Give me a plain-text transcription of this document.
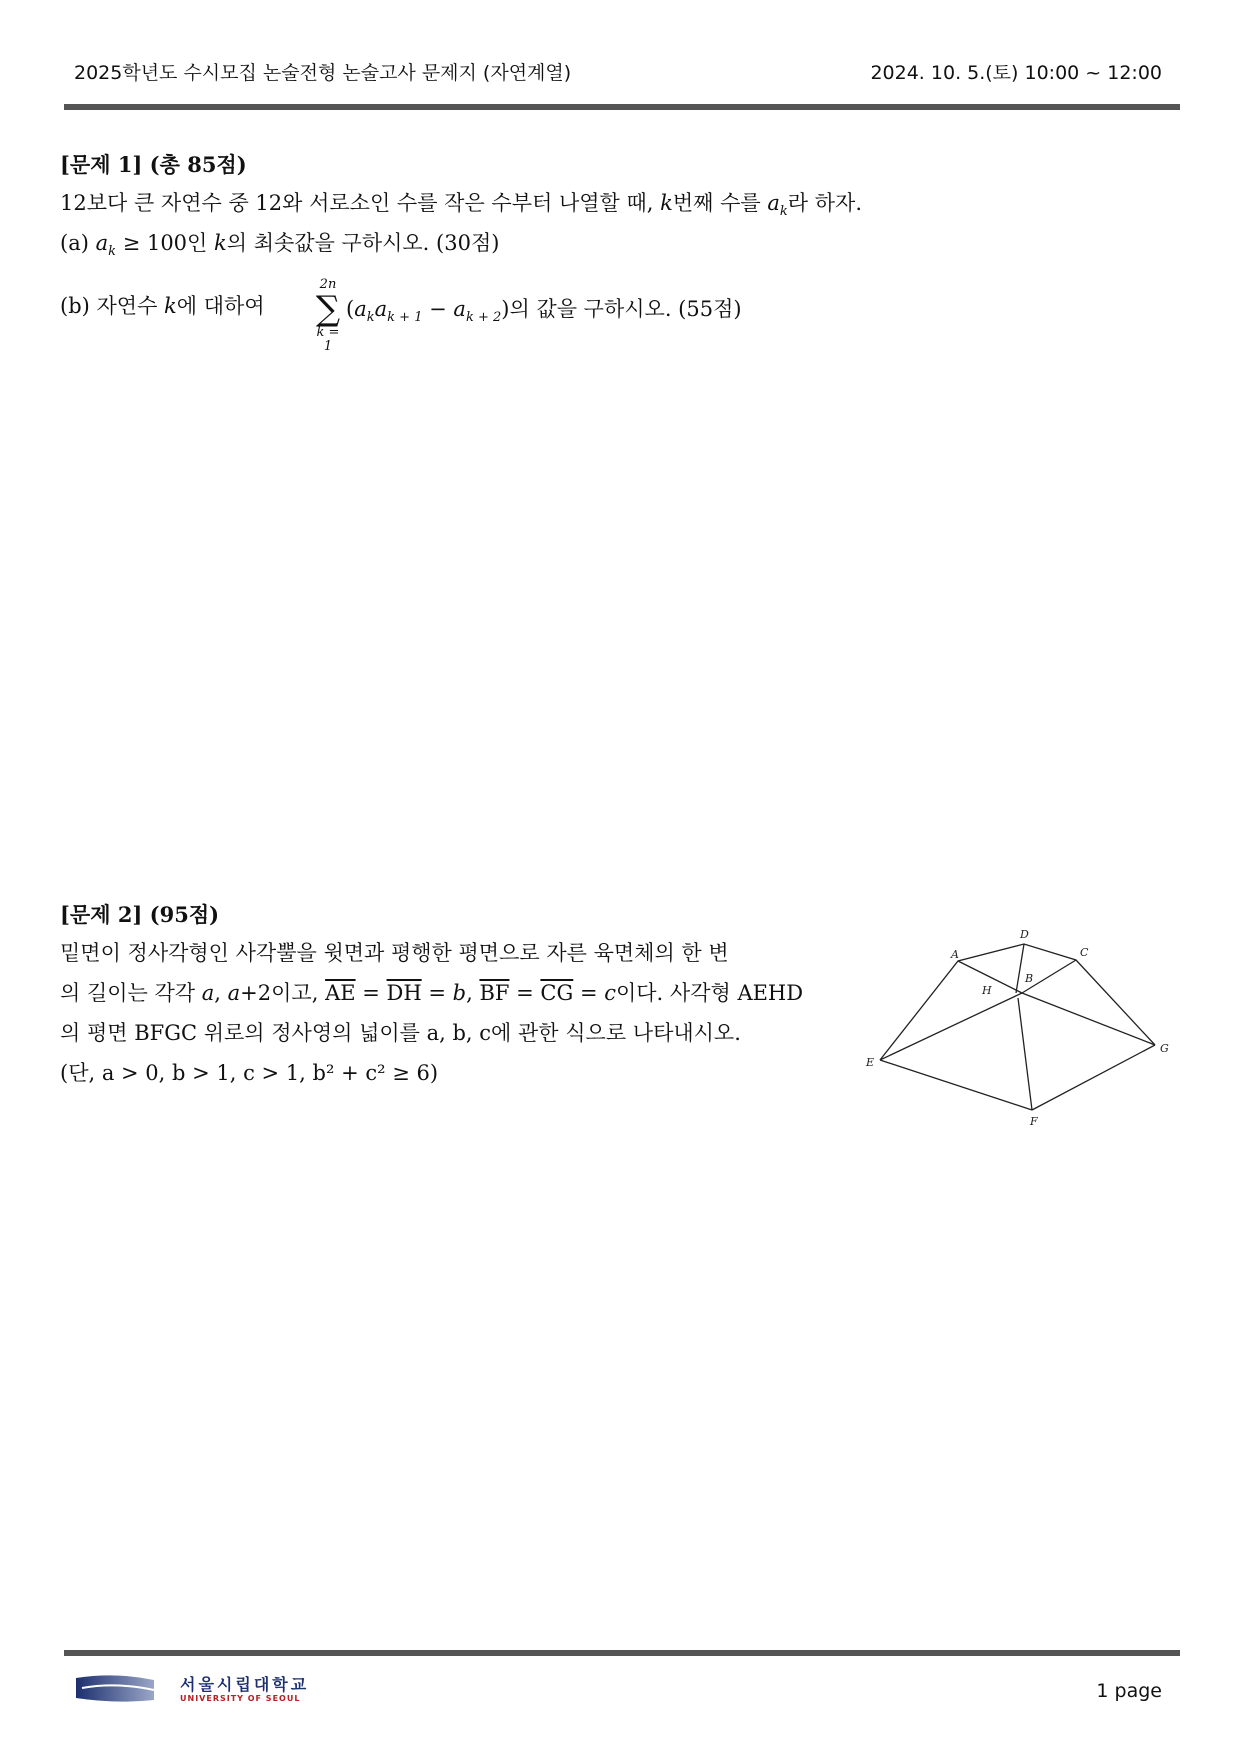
2025학년도 수시모집 논술전형 논술고사 문제지 (자연계열)	2024. 10. 5.(토) 10:00 ~ 12:00
[문제 1] (총 85점)
12보다 큰 자연수 중 12와 서로소인 수를 작은 수부터 나열할 때, k번째 수를 $a_k$라 하자.
(a) $a_k \ge 100$인 k의 최솟값을 구하시오. (30점)
(b) 자연수 k에 대하여
2n
∑
k = 1
$(a_ka_{k + 1} - a_{k + 2})$의 값을 구하시오. (55점)
[문제 2] (95점)
밑면이 정사각형인 사각뿔을 윗면과 평행한 평면으로 자른 육면체의 한 변
의 길이는 각각 a, a+2이고, $\overline{AE} = \overline{DH} = b$, $\overline{BF} = \overline{CG} = c$이다. 사각형 AEHD
의 평면 BFGC 위로의 정사영의 넓이를 a, b, c에 관한 식으로 나타내시오.
(단, a > 0, b > 1, c > 1, b² + c² ≥ 6)
A
B
C
D
E
F
G
H
서울시립대학교
UNIVERSITY OF SEOUL	1 page
